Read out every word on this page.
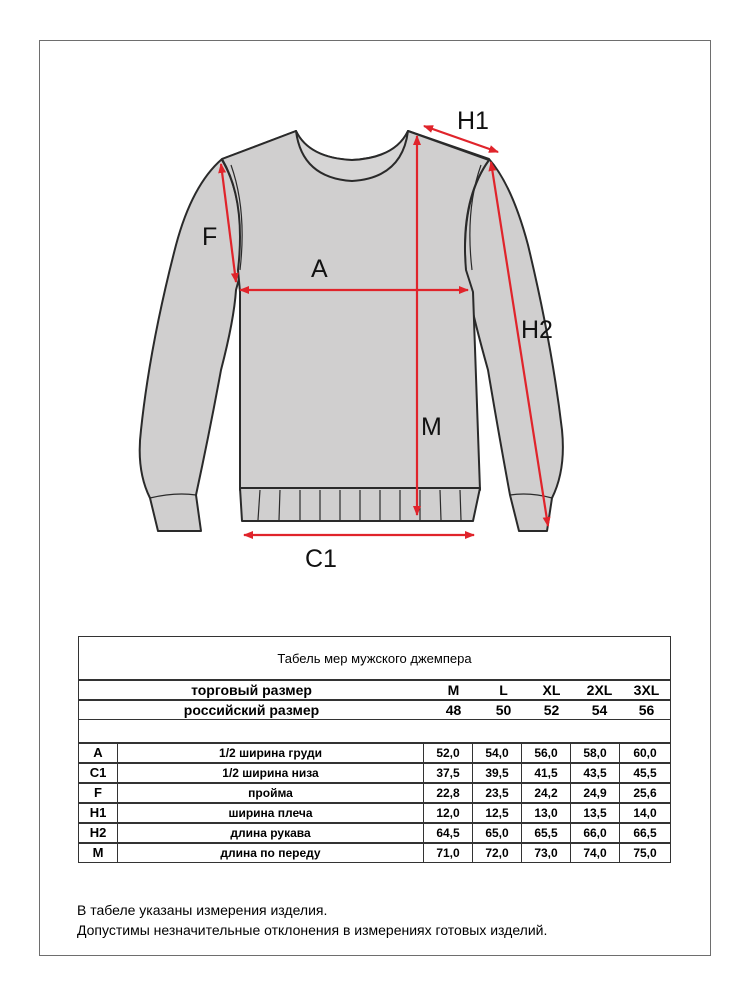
H1
F
A
H2
M
C1
Табель мер мужского джемпера
торговый размер	M	L	XL	2XL	3XL
российский размер	48	50	52	54	56
A	1/2 ширина груди	52,0	54,0	56,0	58,0	60,0
C1	1/2 ширина низа	37,5	39,5	41,5	43,5	45,5
F	пройма	22,8	23,5	24,2	24,9	25,6
H1	ширина плеча	12,0	12,5	13,0	13,5	14,0
H2	длина рукава	64,5	65,0	65,5	66,0	66,5
M	длина по переду	71,0	72,0	73,0	74,0	75,0
В табеле указаны измерения изделия.
Допустимы незначительные отклонения в измерениях готовых изделий.
